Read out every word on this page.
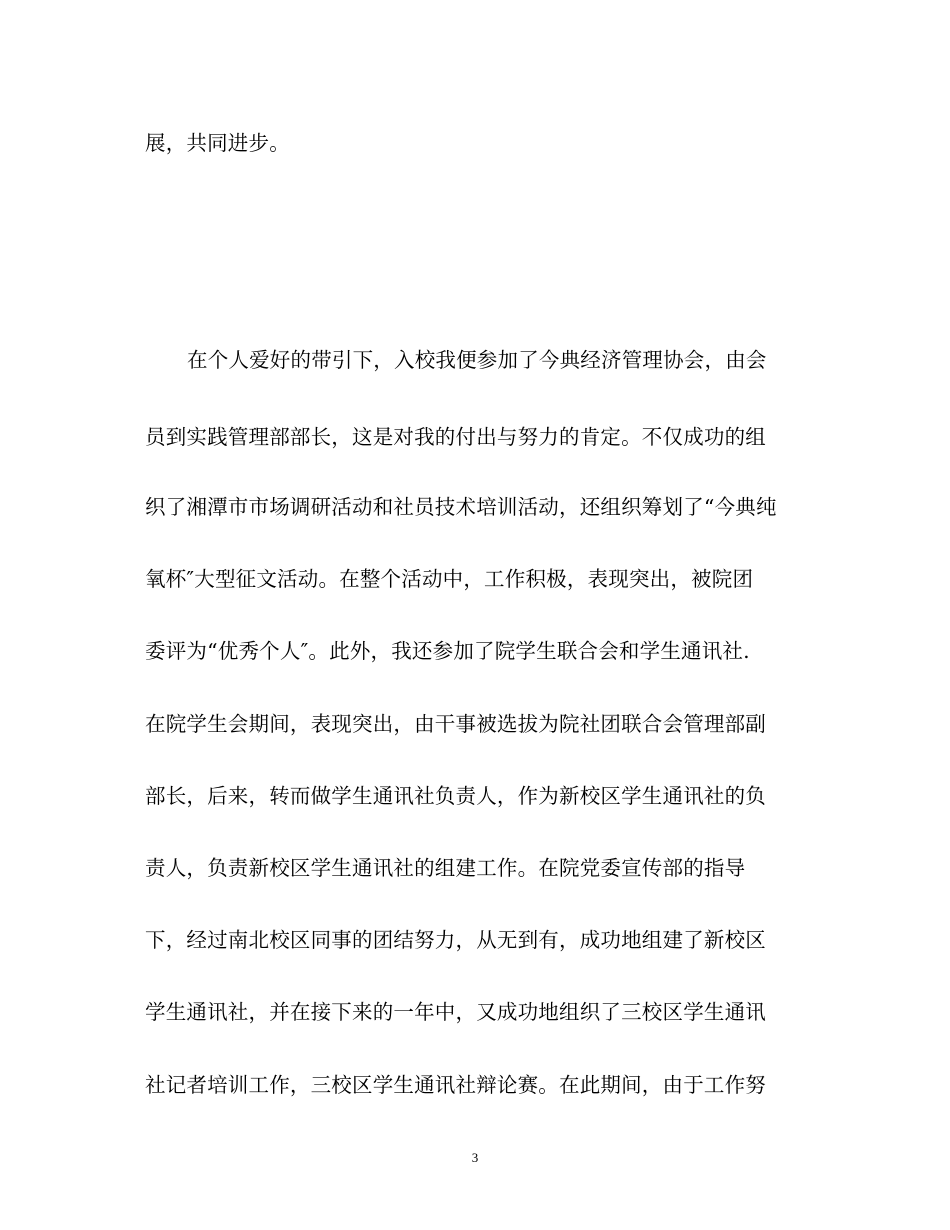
展，共同进步。
在个人爱好的带引下，入校我便参加了今典经济管理协会，由会
员到实践管理部部长，这是对我的付出与努力的肯定。不仅成功的组
织了湘潭市市场调研活动和社员技术培训活动，还组织筹划了“今典纯
氧杯″大型征文活动。在整个活动中，工作积极，表现突出，被院团
委评为“优秀个人″。此外，我还参加了院学生联合会和学生通讯社.
在院学生会期间，表现突出，由干事被选拔为院社团联合会管理部副
部长，后来，转而做学生通讯社负责人，作为新校区学生通讯社的负
责人，负责新校区学生通讯社的组建工作。在院党委宣传部的指导
下，经过南北校区同事的团结努力，从无到有，成功地组建了新校区
学生通讯社，并在接下来的一年中，又成功地组织了三校区学生通讯
社记者培训工作，三校区学生通讯社辩论赛。在此期间，由于工作努
3
